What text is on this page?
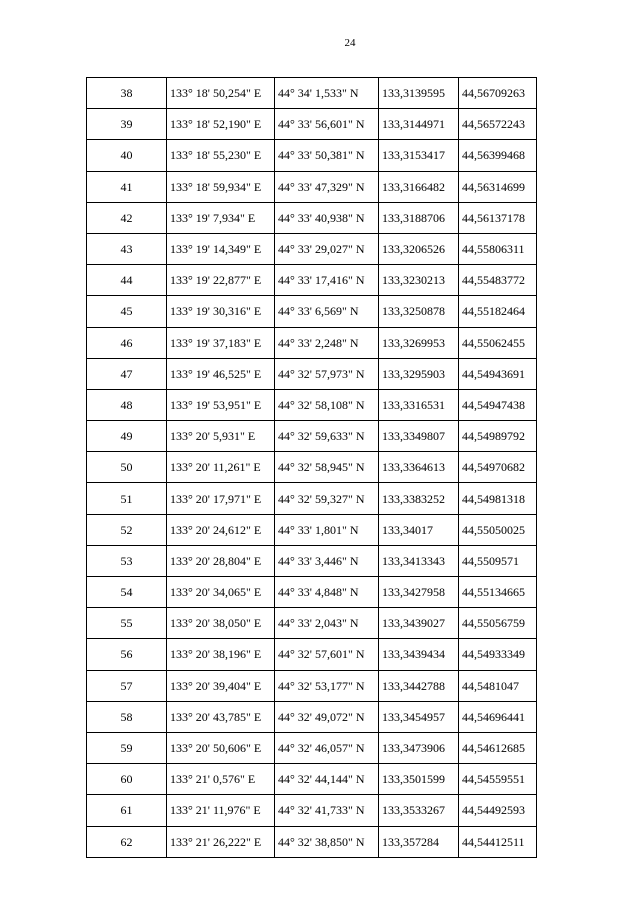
24
38	133° 18' 50,254" E	44° 34' 1,533" N	133,3139595	44,56709263
39	133° 18' 52,190" E	44° 33' 56,601" N	133,3144971	44,56572243
40	133° 18' 55,230" E	44° 33' 50,381" N	133,3153417	44,56399468
41	133° 18' 59,934" E	44° 33' 47,329" N	133,3166482	44,56314699
42	133° 19' 7,934" E	44° 33' 40,938" N	133,3188706	44,56137178
43	133° 19' 14,349" E	44° 33' 29,027" N	133,3206526	44,55806311
44	133° 19' 22,877" E	44° 33' 17,416" N	133,3230213	44,55483772
45	133° 19' 30,316" E	44° 33' 6,569" N	133,3250878	44,55182464
46	133° 19' 37,183" E	44° 33' 2,248" N	133,3269953	44,55062455
47	133° 19' 46,525" E	44° 32' 57,973" N	133,3295903	44,54943691
48	133° 19' 53,951" E	44° 32' 58,108" N	133,3316531	44,54947438
49	133° 20' 5,931" E	44° 32' 59,633" N	133,3349807	44,54989792
50	133° 20' 11,261" E	44° 32' 58,945" N	133,3364613	44,54970682
51	133° 20' 17,971" E	44° 32' 59,327" N	133,3383252	44,54981318
52	133° 20' 24,612" E	44° 33' 1,801" N	133,34017	44,55050025
53	133° 20' 28,804" E	44° 33' 3,446" N	133,3413343	44,5509571
54	133° 20' 34,065" E	44° 33' 4,848" N	133,3427958	44,55134665
55	133° 20' 38,050" E	44° 33' 2,043" N	133,3439027	44,55056759
56	133° 20' 38,196" E	44° 32' 57,601" N	133,3439434	44,54933349
57	133° 20' 39,404" E	44° 32' 53,177" N	133,3442788	44,5481047
58	133° 20' 43,785" E	44° 32' 49,072" N	133,3454957	44,54696441
59	133° 20' 50,606" E	44° 32' 46,057" N	133,3473906	44,54612685
60	133° 21' 0,576" E	44° 32' 44,144" N	133,3501599	44,54559551
61	133° 21' 11,976" E	44° 32' 41,733" N	133,3533267	44,54492593
62	133° 21' 26,222" E	44° 32' 38,850" N	133,357284	44,54412511
